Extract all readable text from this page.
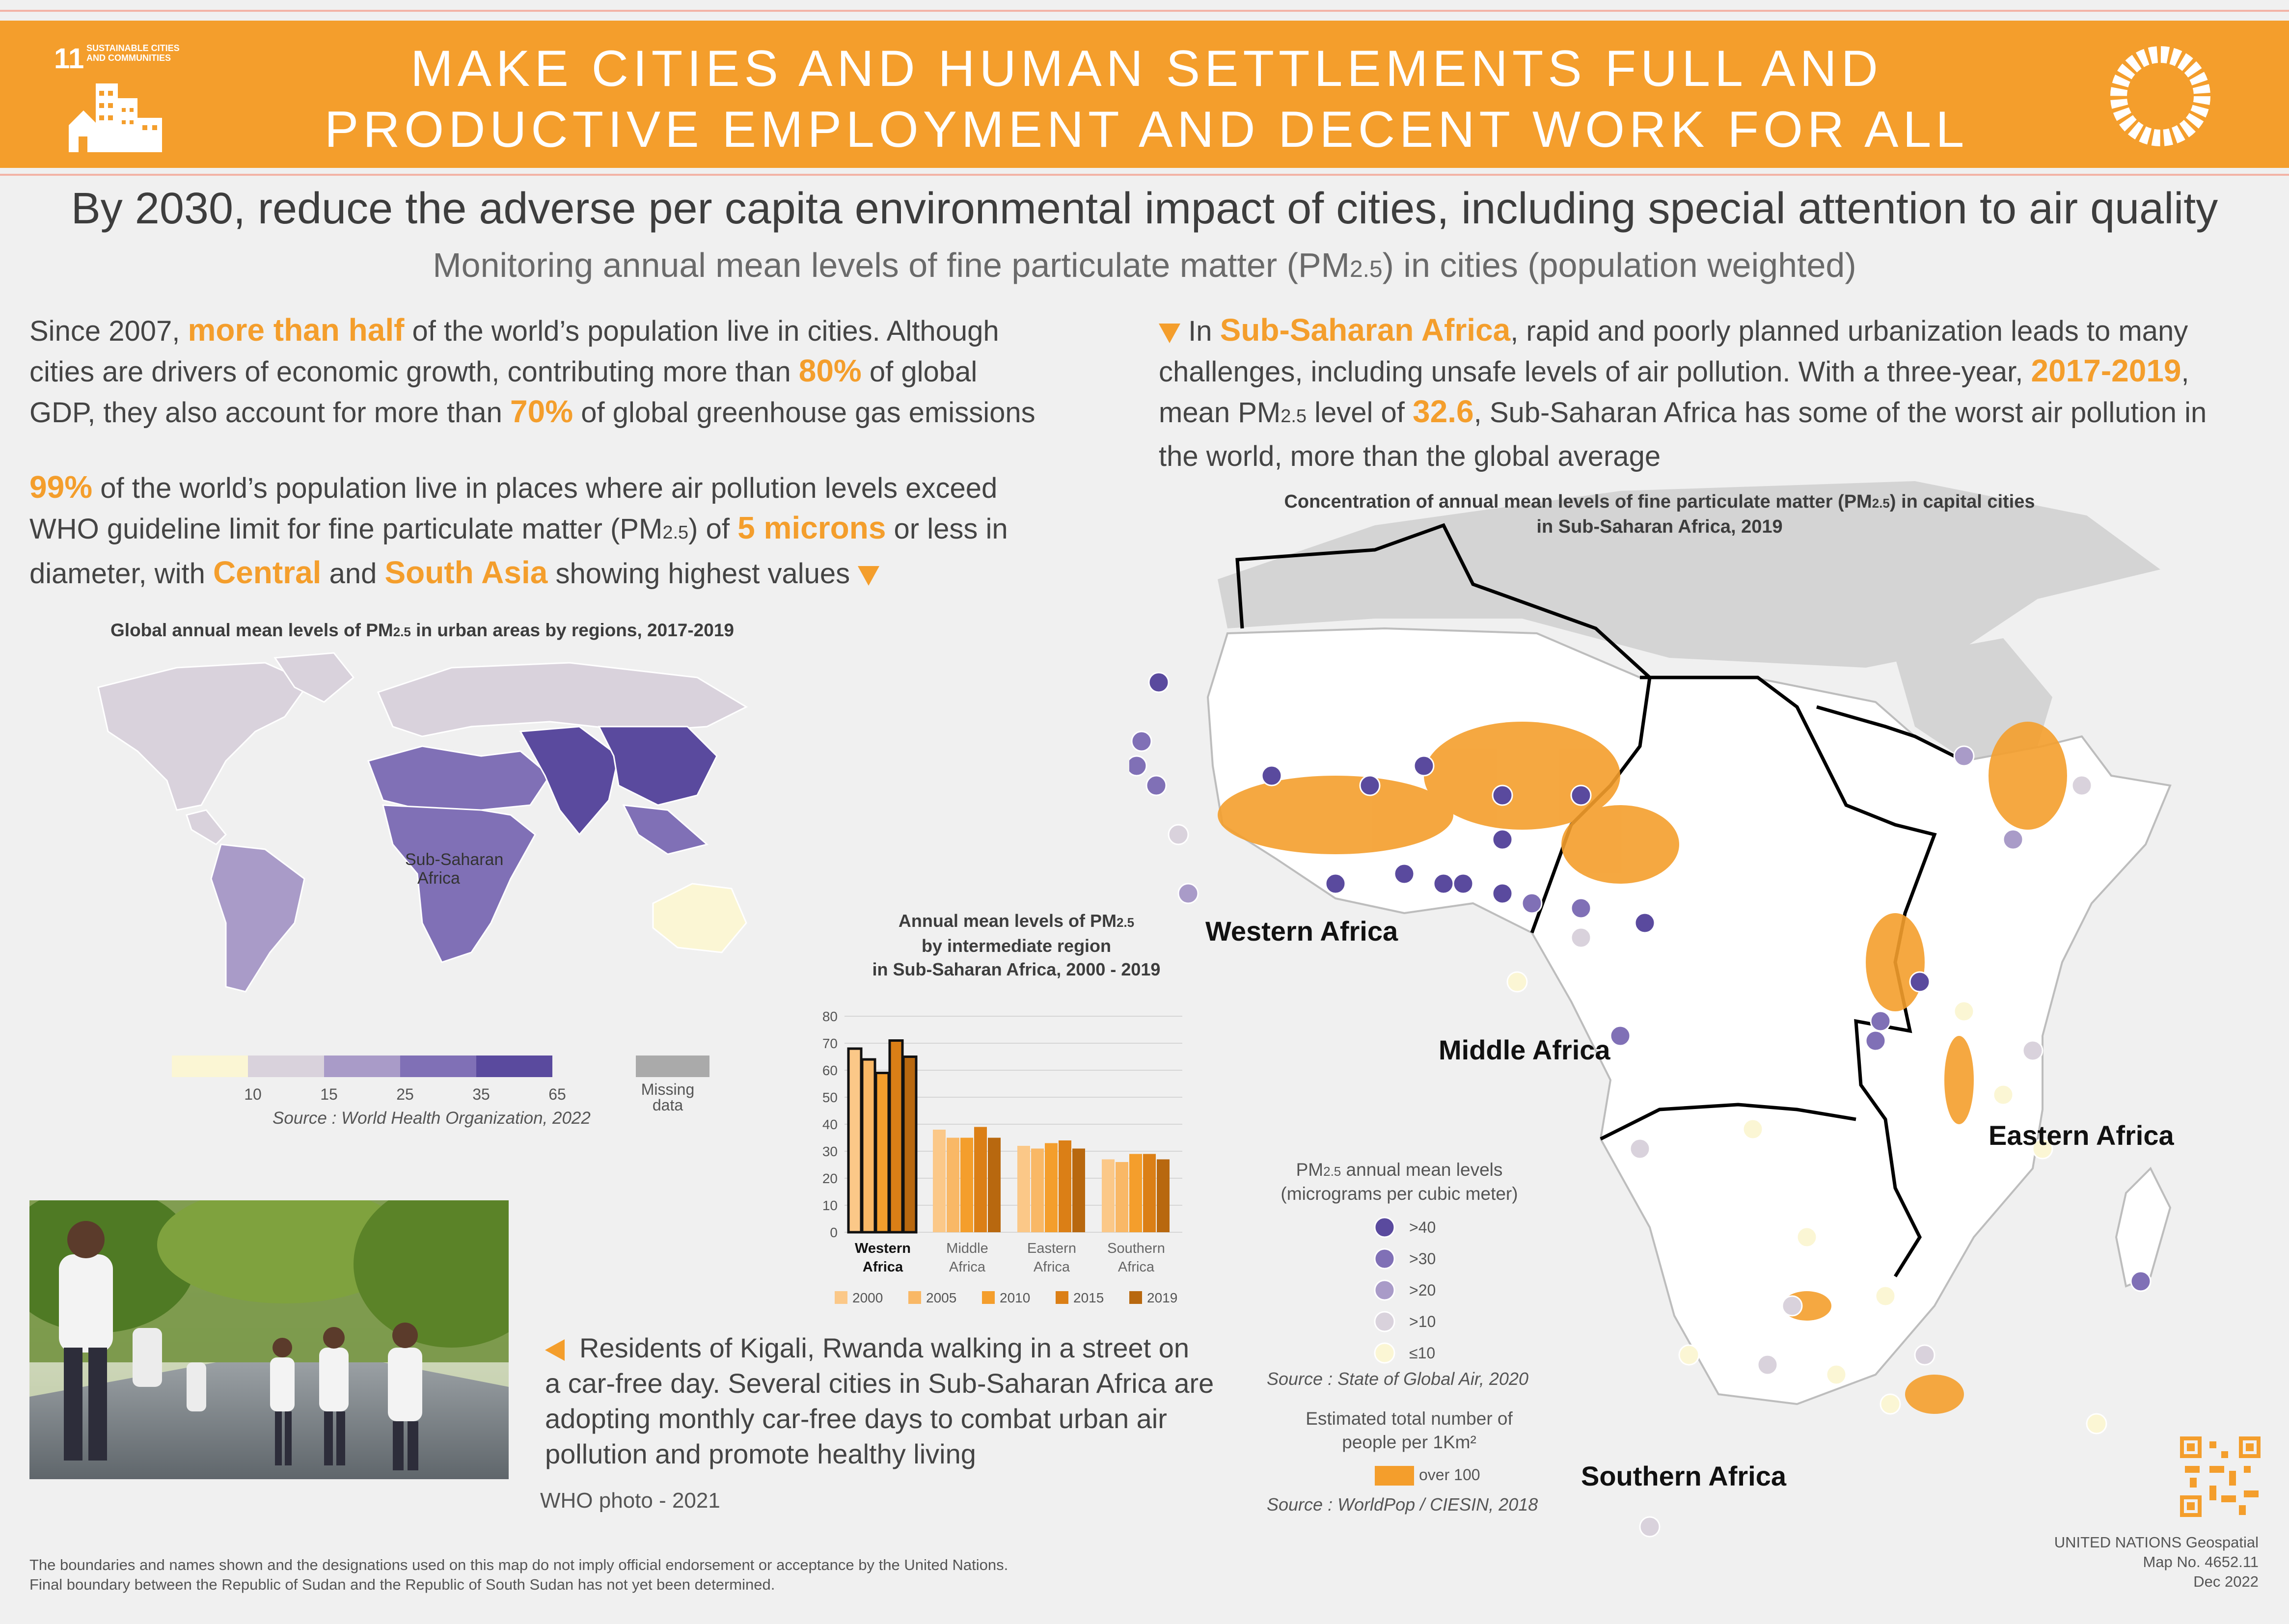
11 SUSTAINABLE CITIES AND COMMUNITIES	MAKE CITIES AND HUMAN SETTLEMENTS FULL AND
PRODUCTIVE EMPLOYMENT AND DECENT WORK FOR ALL
By 2030, reduce the adverse per capita environmental impact of cities, including special attention to air quality
Monitoring annual mean levels of fine particulate matter (PM2.5) in cities (population weighted)
Since 2007, more than half of the world’s population live in cities. Although
cities are drivers of economic growth, contributing more than 80% of global
GDP, they also account for more than 70% of global greenhouse gas emissions
99% of the world’s population live in places where air pollution levels exceed
WHO guideline limit for fine particulate matter (PM2.5) of 5 microns or less in
diameter, with Central and South Asia showing highest values
In Sub-Saharan Africa, rapid and poorly planned urbanization leads to many
challenges, including unsafe levels of air pollution. With a three-year, 2017-2019,
mean PM2.5 level of 32.6, Sub-Saharan Africa has some of the worst air pollution in
the world, more than the global average
Global annual mean levels of PM2.5 in urban areas by regions, 2017-2019
Sub-Saharan
Africa
10	15	25	35	65	Missing
data
Source : World Health Organization, 2022
Annual mean levels of PM2.5
by intermediate region
in Sub-Saharan Africa, 2000 - 2019
0
10
20
30
40
50
60
70
80
Western
Africa
Middle
Africa
Eastern
Africa
Southern
Africa
2000	2005	2010	2015	2019
Residents of Kigali, Rwanda walking in a street on
a car-free day. Several cities in Sub-Saharan Africa are
adopting monthly car-free days to combat urban air
pollution and promote healthy living
WHO photo - 2021
Concentration of annual mean levels of fine particulate matter (PM2.5) in capital cities
in Sub-Saharan Africa, 2019
Western Africa
Middle Africa
Eastern Africa
Southern Africa
PM2.5 annual mean levels
(micrograms per cubic meter)
>40
>30
>20
>10
≤10
Source : State of Global Air, 2020
Estimated total number of
people per 1Km²
over 100
Source : WorldPop / CIESIN, 2018
The boundaries and names shown and the designations used on this map do not imply official endorsement or acceptance by the United Nations.
Final boundary between the Republic of Sudan and the Republic of South Sudan has not yet been determined.
UNITED NATIONS Geospatial
Map No. 4652.11
Dec 2022
